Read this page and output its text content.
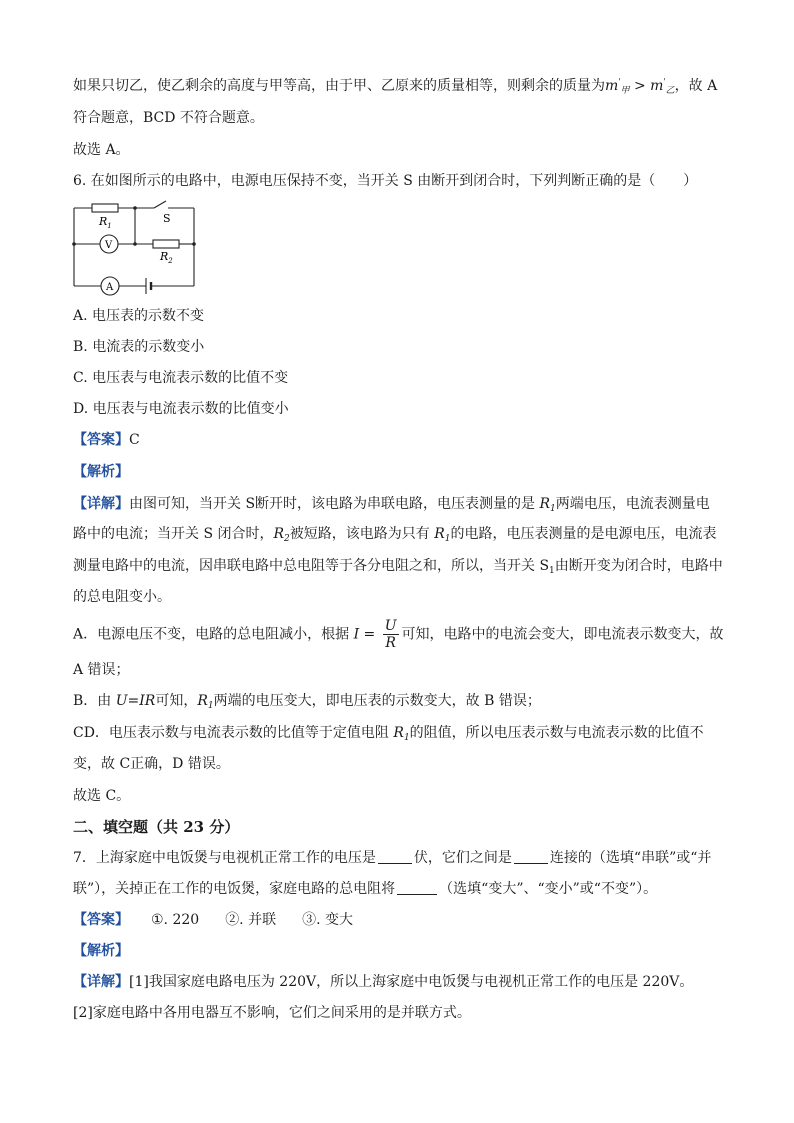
如果只切乙，使乙剩余的高度与甲等高，由于甲、乙原来的质量相等，则剩余的质量为$m'_甲 > m'_乙$，故 A
符合题意，BCD 不符合题意。
故选 A。
6. 在如图所示的电路中，电源电压保持不变，当开关 S 由断开到闭合时，下列判断正确的是（　　）
$R_1$
S
V
$R_2$
A
A. 电压表的示数不变
B. 电流表的示数变小
C. 电压表与电流表示数的比值不变
D. 电压表与电流表示数的比值变小
【答案】C
【解析】
【详解】由图可知，当开关 S断开时，该电路为串联电路，电压表测量的是 $R_1$两端电压，电流表测量电
路中的电流；当开关 S 闭合时，$R_2$被短路，该电路为只有 $R_1$的电路，电压表测量的是电源电压，电流表
测量电路中的电流，因串联电路中总电阻等于各分电阻之和，所以，当开关 $S_1$由断开变为闭合时，电路中
的总电阻变小。
A．电源电压不变，电路的总电阻减小，根据 $I = \frac{U}{R}$ 可知，电路中的电流会变大，即电流表示数变大，故
A 错误；
B．由 U=IR可知，$R_1$两端的电压变大，即电压表的示数变大，故 B 错误；
CD．电压表示数与电流表示数的比值等于定值电阻 $R_1$的阻值，所以电压表示数与电流表示数的比值不
变，故 C正确，D 错误。
故选 C。
二、填空题（共 23 分）
7．上海家庭中电饭煲与电视机正常工作的电压是	伏，它们之间是	连接的（选填“串联”或“并
联”），关掉正在工作的电饭煲，家庭电路的总电阻将	（选填“变大”、“变小”或“不变”）。
【答案】 ①. 220 ②. 并联 ③. 变大
【解析】
【详解】[1]我国家庭电路电压为 220V，所以上海家庭中电饭煲与电视机正常工作的电压是 220V。
[2]家庭电路中各用电器互不影响，它们之间采用的是并联方式。
